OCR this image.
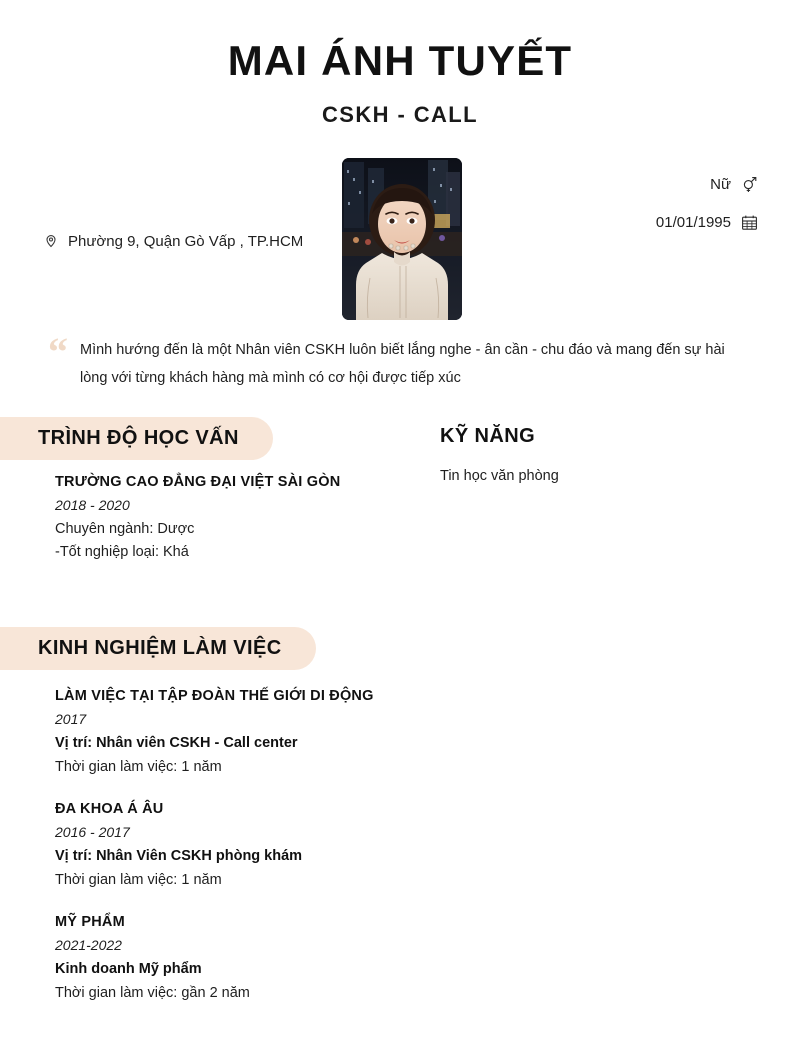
MAI ÁNH TUYẾT
CSKH - CALL
Phường 9, Quận Gò Vấp , TP.HCM
Nữ
01/01/1995
“ Mình hướng đến là một Nhân viên CSKH luôn biết lắng nghe - ân cần - chu đáo và mang đến sự hài lòng với từng khách hàng mà mình có cơ hội được tiếp xúc
TRÌNH ĐỘ HỌC VẤN
TRƯỜNG CAO ĐẲNG ĐẠI VIỆT SÀI GÒN
2018 - 2020
Chuyên ngành: Dược
-Tốt nghiệp loại: Khá
KỸ NĂNG
Tin học văn phòng
KINH NGHIỆM LÀM VIỆC
LÀM VIỆC TẠI TẬP ĐOÀN THẾ GIỚI DI ĐỘNG
2017
Vị trí: Nhân viên CSKH - Call center
Thời gian làm việc: 1 năm
ĐA KHOA Á ÂU
2016 - 2017
Vị trí: Nhân Viên CSKH phòng khám
Thời gian làm việc: 1 năm
MỸ PHẨM
2021-2022
Kinh doanh Mỹ phẩm
Thời gian làm việc: gần 2 năm
